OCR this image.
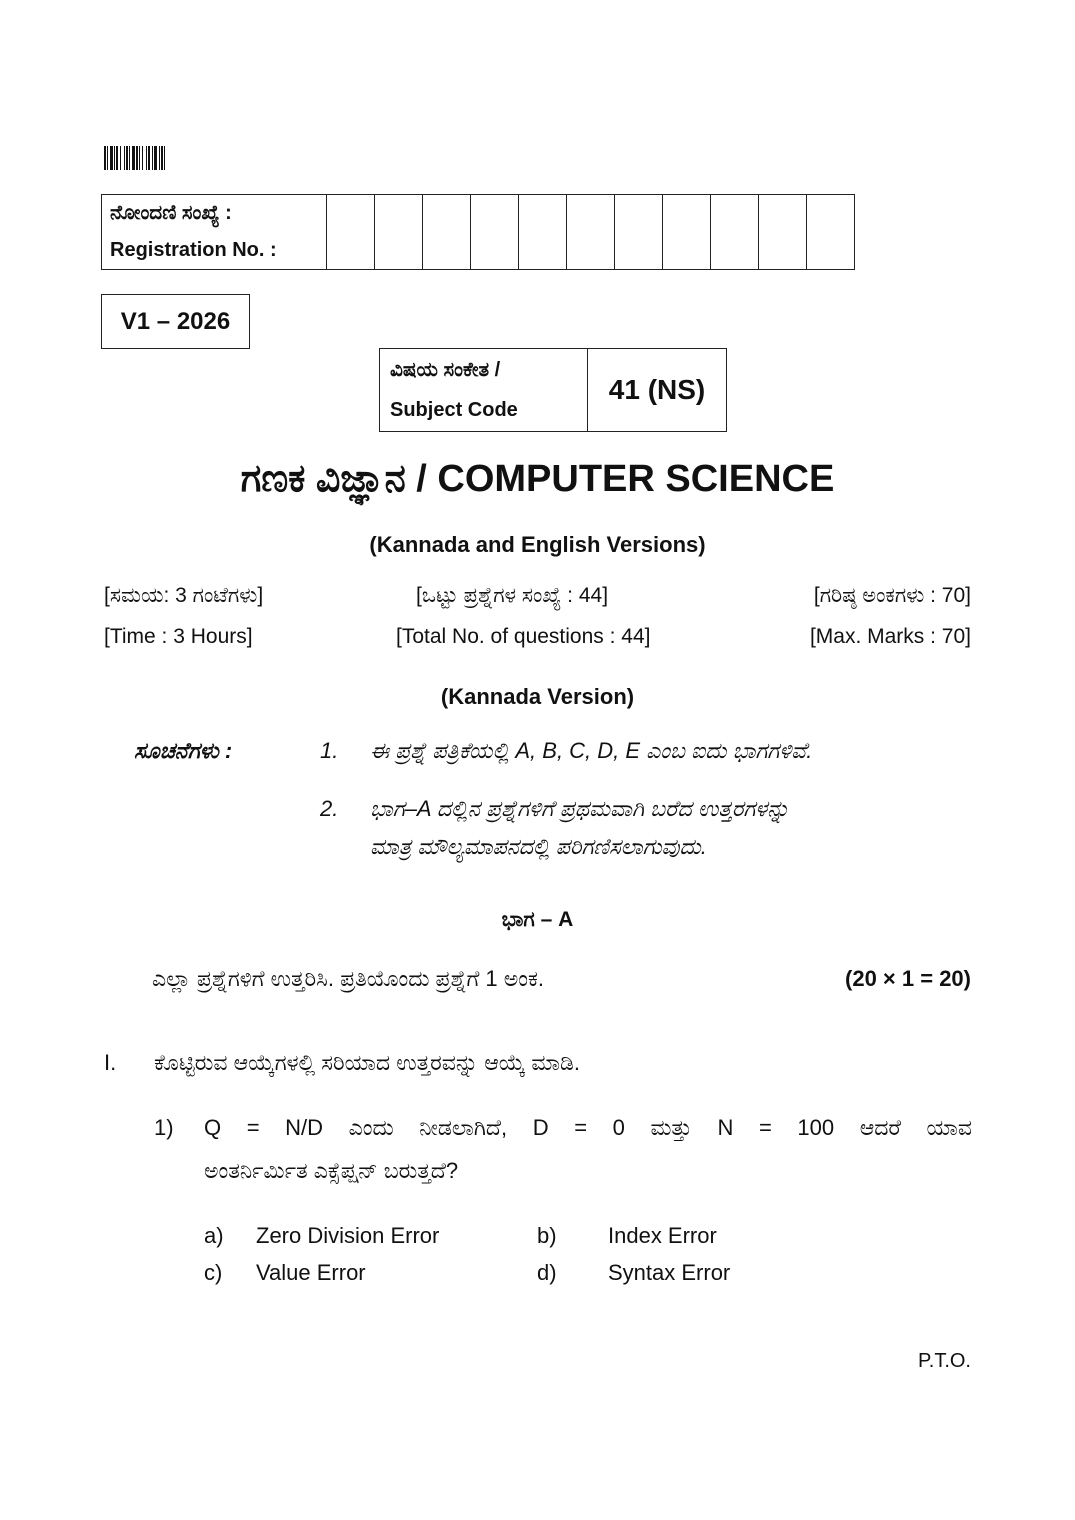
ನೋಂದಣಿ ಸಂಖ್ಯೆ :
Registration No. :

V1 – 2026
ವಿಷಯ ಸಂಕೇತ /
Subject Code
	41 (NS)
ಗಣಕ ವಿಜ್ಞಾನ / COMPUTER SCIENCE
(Kannada and English Versions)
[ಸಮಯ: 3 ಗಂಟೆಗಳು]	[ಒಟ್ಟು ಪ್ರಶ್ನೆಗಳ ಸಂಖ್ಯೆ : 44]	[ಗರಿಷ್ಠ ಅಂಕಗಳು : 70]
[Time : 3 Hours]	[Total No. of questions : 44]	[Max. Marks : 70]
(Kannada Version)
ಸೂಚನೆಗಳು :	1. ಈ ಪ್ರಶ್ನೆ ಪತ್ರಿಕೆಯಲ್ಲಿ A, B, C, D, E ಎಂಬ ಐದು ಭಾಗಗಳಿವೆ.
2. ಭಾಗ–A ದಲ್ಲಿನ ಪ್ರಶ್ನೆಗಳಿಗೆ ಪ್ರಥಮವಾಗಿ ಬರೆದ ಉತ್ತರಗಳನ್ನು
ಮಾತ್ರ ಮೌಲ್ಯಮಾಪನದಲ್ಲಿ ಪರಿಗಣಿಸಲಾಗುವುದು.
ಭಾಗ – A
ಎಲ್ಲಾ ಪ್ರಶ್ನೆಗಳಿಗೆ ಉತ್ತರಿಸಿ. ಪ್ರತಿಯೊಂದು ಪ್ರಶ್ನೆಗೆ 1 ಅಂಕ.	(20 × 1 = 20)
I. ಕೊಟ್ಟಿರುವ ಆಯ್ಕೆಗಳಲ್ಲಿ ಸರಿಯಾದ ಉತ್ತರವನ್ನು ಆಯ್ಕೆ ಮಾಡಿ.
1) Q = N/D ಎಂದು ನೀಡಲಾಗಿದೆ, D = 0 ಮತ್ತು N = 100 ಆದರೆ ಯಾವ
ಅಂತರ್ನಿರ್ಮಿತ ಎಕ್ಸೆಪ್ಷನ್ ಬರುತ್ತದೆ?
a) Zero Division Error	b) Index Error
c) Value Error	d) Syntax Error
P.T.O.
